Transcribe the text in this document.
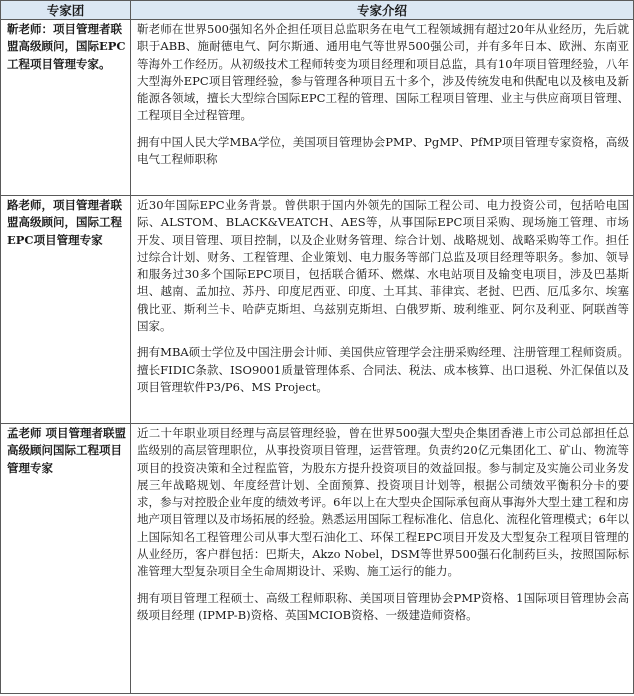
专家团	专家介绍
靳老师：项目管理者联盟高级顾问，国际EPC工程项目管理专家。	靳老师在世界500强知名外企担任项目总监职务在电气工程领域拥有超过20年从业经历，先后就职于ABB、施耐德电气、阿尔斯通、通用电气等世界500强公司，并有多年日本、欧洲、东南亚等海外工作经历。从初级技术工程师转变为项目经理和项目总监，具有10年项目管理经验，八年大型海外EPC项目管理经验，参与管理各种项目五十多个，涉及传统发电和供配电以及核电及新能源各领域，擅长大型综合国际EPC工程的管理、国际工程项目管理、业主与供应商项目管理、工程项目全过程管理。

拥有中国人民大学MBA学位，美国项目管理协会PMP、PgMP、PfMP项目管理专家资格，高级电气工程师职称

路老师，项目管理者联盟高级顾问，国际工程EPC项目管理专家	近30年国际EPC业务背景。曾供职于国内外领先的国际工程公司、电力投资公司，包括哈电国际、ALSTOM、BLACK&VEATCH、AES等，从事国际EPC项目采购、现场施工管理、市场开发、项目管理、项目控制，以及企业财务管理、综合计划、战略规划、战略采购等工作。担任过综合计划、财务、工程管理、企业策划、电力服务等部门总监及项目经理等职务。参加、领导和服务过30多个国际EPC项目，包括联合循环、燃煤、水电站项目及输变电项目，涉及巴基斯坦、越南、孟加拉、苏丹、印度尼西亚、印度、土耳其、菲律宾、老挝、巴西、厄瓜多尔、埃塞俄比亚、斯利兰卡、哈萨克斯坦、乌兹别克斯坦、白俄罗斯、玻利维亚、阿尔及利亚、阿联酋等国家。

拥有MBA硕士学位及中国注册会计师、美国供应管理学会注册采购经理、注册管理工程师资质。擅长FIDIC条款、ISO9001质量管理体系、合同法、税法、成本核算、出口退税、外汇保值以及项目管理软件P3/P6、MS Project。

孟老师 项目管理者联盟高级顾问国际工程项目管理专家	近二十年职业项目经理与高层管理经验，曾在世界500强大型央企集团香港上市公司总部担任总监级别的高层管理职位，从事投资项目管理，运营管理。负责约20亿元集团化工、矿山、物流等项目的投资决策和全过程监管，为股东方提升投资项目的效益回报。参与制定及实施公司业务发展三年战略规划、年度经营计划、全面预算、投资项目计划等，根据公司绩效平衡积分卡的要求，参与对控股企业年度的绩效考评。6年以上在大型央企国际承包商从事海外大型土建工程和房地产项目管理以及市场拓展的经验。熟悉运用国际工程标准化、信息化、流程化管理模式；6年以上国际知名工程管理公司从事大型石油化工、环保工程EPC项目开发及大型复杂工程项目管理的从业经历，客户群包括：巴斯夫，Akzo Nobel，DSM等世界500强石化制药巨头，按照国际标准管理大型复杂项目全生命周期设计、采购、施工运行的能力。

拥有项目管理工程硕士、高级工程师职称、美国项目管理协会PMP资格、1国际项目管理协会高级项目经理 (IPMP-B)资格、英国MCIOB资格、一级建造师资格。
